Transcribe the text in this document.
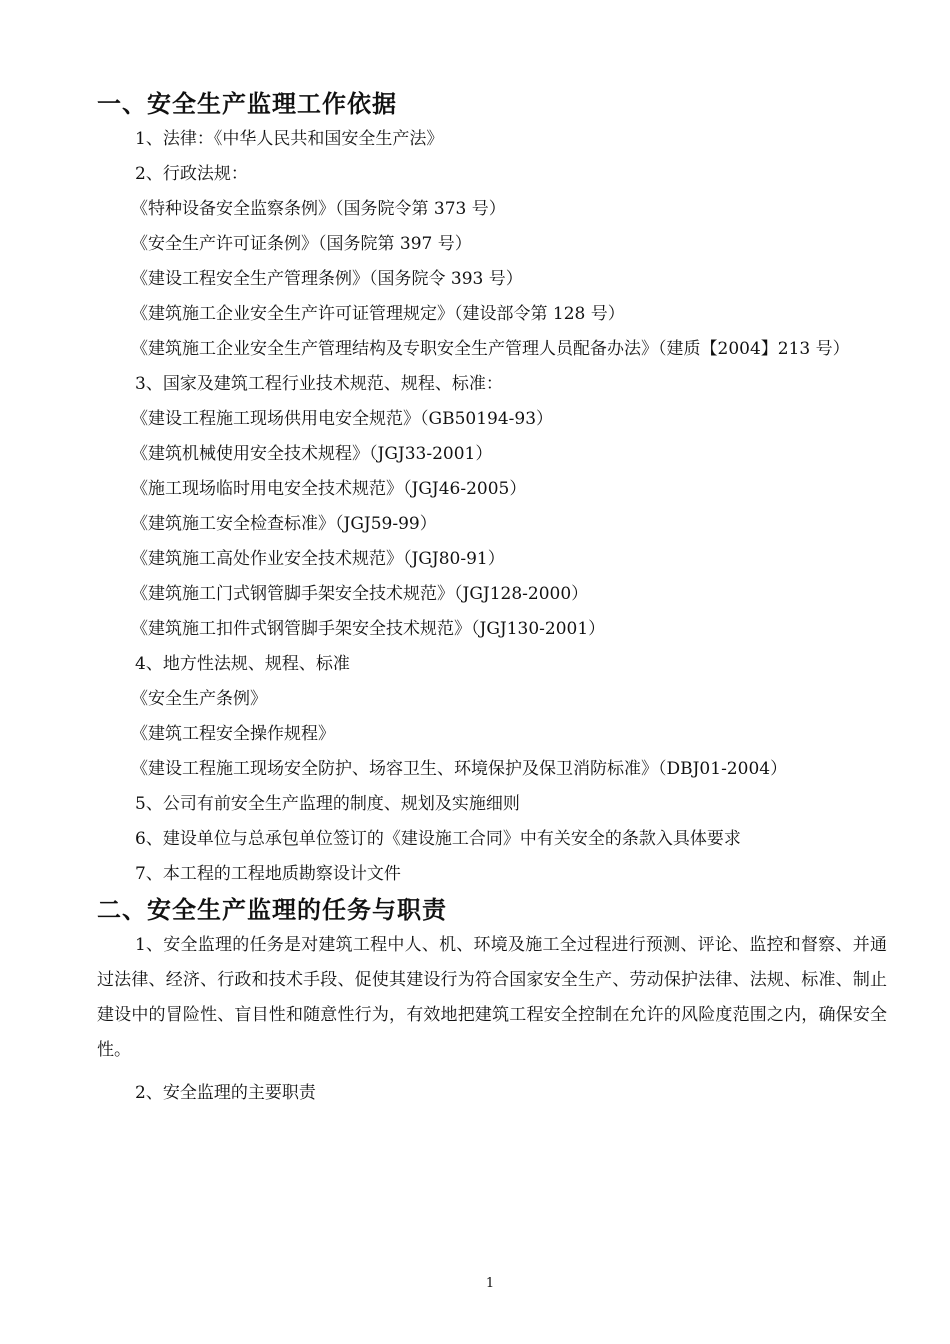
一、安全生产监理工作依据

1、法律：《中华人民共和国安全生产法》

2、行政法规：

《特种设备安全监察条例》（国务院令第 373 号）

《安全生产许可证条例》（国务院第 397 号）

《建设工程安全生产管理条例》（国务院令 393 号）

《建筑施工企业安全生产许可证管理规定》（建设部令第 128 号）

《建筑施工企业安全生产管理结构及专职安全生产管理人员配备办法》（建质【2004】213 号）

3、国家及建筑工程行业技术规范、规程、标准：

《建设工程施工现场供用电安全规范》（GB50194-93）

《建筑机械使用安全技术规程》（JGJ33-2001）

《施工现场临时用电安全技术规范》（JGJ46-2005）

《建筑施工安全检查标准》（JGJ59-99）

《建筑施工高处作业安全技术规范》（JGJ80-91）

《建筑施工门式钢管脚手架安全技术规范》（JGJ128-2000）

《建筑施工扣件式钢管脚手架安全技术规范》（JGJ130-2001）

4、地方性法规、规程、标准

《安全生产条例》

《建筑工程安全操作规程》

《建设工程施工现场安全防护、场容卫生、环境保护及保卫消防标准》（DBJ01-2004）

5、公司有前安全生产监理的制度、规划及实施细则

6、建设单位与总承包单位签订的《建设施工合同》中有关安全的条款入具体要求

7、本工程的工程地质勘察设计文件

二、安全生产监理的任务与职责

1、安全监理的任务是对建筑工程中人、机、环境及施工全过程进行预测、评论、监控和督察、并通过法律、经济、行政和技术手段、促使其建设行为符合国家安全生产、劳动保护法律、法规、标准、制止建设中的冒险性、盲目性和随意性行为，有效地把建筑工程安全控制在允许的风险度范围之内，确保安全性。

2、安全监理的主要职责

1
